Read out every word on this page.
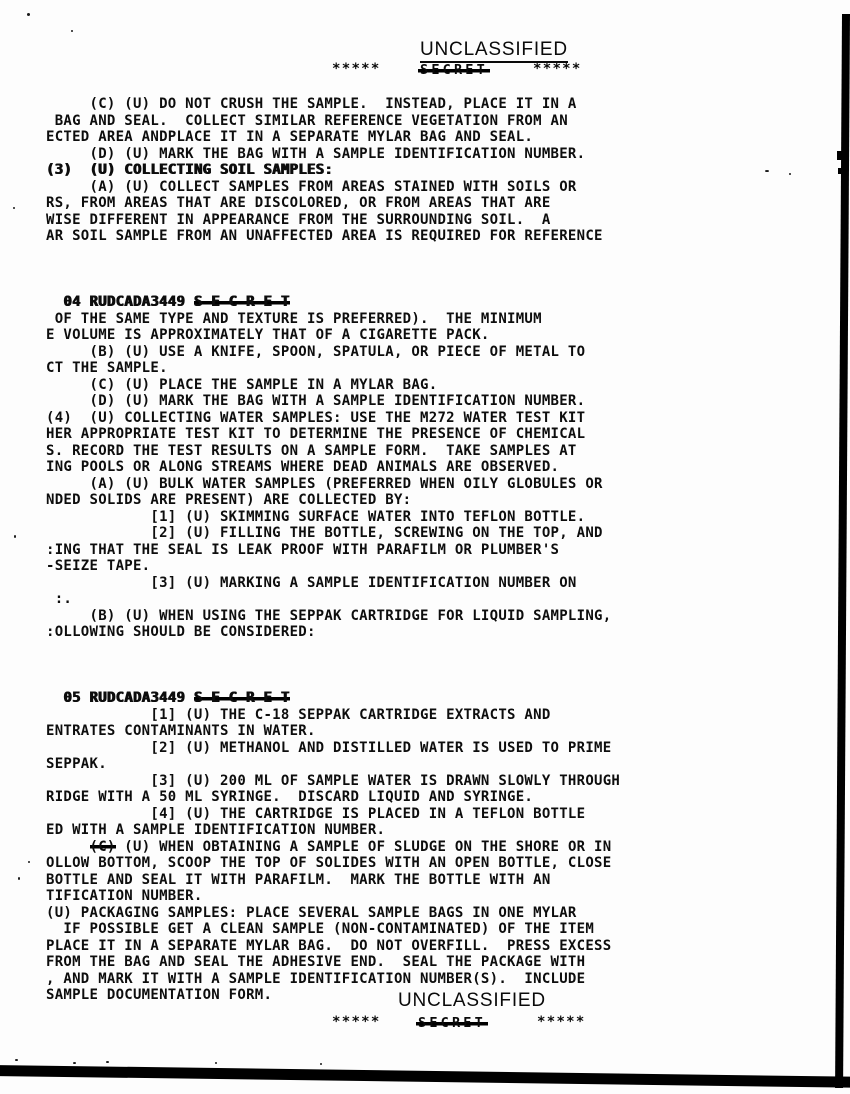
UNCLASSIFIED
*****	SECRET	*****
(C) (U) DO NOT CRUSH THE SAMPLE.  INSTEAD, PLACE IT IN A
BAG AND SEAL.  COLLECT SIMILAR REFERENCE VEGETATION FROM AN
ECTED AREA ANDPLACE IT IN A SEPARATE MYLAR BAG AND SEAL.
(D) (U) MARK THE BAG WITH A SAMPLE IDENTIFICATION NUMBER.
(3)  (U) COLLECTING SOIL SAMPLES:
(A) (U) COLLECT SAMPLES FROM AREAS STAINED WITH SOILS OR
RS, FROM AREAS THAT ARE DISCOLORED, OR FROM AREAS THAT ARE
WISE DIFFERENT IN APPEARANCE FROM THE SURROUNDING SOIL.  A
AR SOIL SAMPLE FROM AN UNAFFECTED AREA IS REQUIRED FOR REFERENCE

04 RUDCADA3449 S E C R E T
OF THE SAME TYPE AND TEXTURE IS PREFERRED).  THE MINIMUM
E VOLUME IS APPROXIMATELY THAT OF A CIGARETTE PACK.
(B) (U) USE A KNIFE, SPOON, SPATULA, OR PIECE OF METAL TO
CT THE SAMPLE.
(C) (U) PLACE THE SAMPLE IN A MYLAR BAG.
(D) (U) MARK THE BAG WITH A SAMPLE IDENTIFICATION NUMBER.
(4)  (U) COLLECTING WATER SAMPLES: USE THE M272 WATER TEST KIT
HER APPROPRIATE TEST KIT TO DETERMINE THE PRESENCE OF CHEMICAL
S. RECORD THE TEST RESULTS ON A SAMPLE FORM.  TAKE SAMPLES AT
ING POOLS OR ALONG STREAMS WHERE DEAD ANIMALS ARE OBSERVED.
(A) (U) BULK WATER SAMPLES (PREFERRED WHEN OILY GLOBULES OR
NDED SOLIDS ARE PRESENT) ARE COLLECTED BY:
[1] (U) SKIMMING SURFACE WATER INTO TEFLON BOTTLE.
[2] (U) FILLING THE BOTTLE, SCREWING ON THE TOP, AND
:ING THAT THE SEAL IS LEAK PROOF WITH PARAFILM OR PLUMBER'S
-SEIZE TAPE.
[3] (U) MARKING A SAMPLE IDENTIFICATION NUMBER ON
:.
(B) (U) WHEN USING THE SEPPAK CARTRIDGE FOR LIQUID SAMPLING,
:OLLOWING SHOULD BE CONSIDERED:

05 RUDCADA3449 S E C R E T
[1] (U) THE C-18 SEPPAK CARTRIDGE EXTRACTS AND
ENTRATES CONTAMINANTS IN WATER.
[2] (U) METHANOL AND DISTILLED WATER IS USED TO PRIME
SEPPAK.
[3] (U) 200 ML OF SAMPLE WATER IS DRAWN SLOWLY THROUGH
RIDGE WITH A 50 ML SYRINGE.  DISCARD LIQUID AND SYRINGE.
[4] (U) THE CARTRIDGE IS PLACED IN A TEFLON BOTTLE
ED WITH A SAMPLE IDENTIFICATION NUMBER.
(C) (U) WHEN OBTAINING A SAMPLE OF SLUDGE ON THE SHORE OR IN
OLLOW BOTTOM, SCOOP THE TOP OF SOLIDES WITH AN OPEN BOTTLE, CLOSE
BOTTLE AND SEAL IT WITH PARAFILM.  MARK THE BOTTLE WITH AN
TIFICATION NUMBER.
(U) PACKAGING SAMPLES: PLACE SEVERAL SAMPLE BAGS IN ONE MYLAR
IF POSSIBLE GET A CLEAN SAMPLE (NON-CONTAMINATED) OF THE ITEM
PLACE IT IN A SEPARATE MYLAR BAG.  DO NOT OVERFILL.  PRESS EXCESS
FROM THE BAG AND SEAL THE ADHESIVE END.  SEAL THE PACKAGE WITH
, AND MARK IT WITH A SAMPLE IDENTIFICATION NUMBER(S).  INCLUDE
SAMPLE DOCUMENTATION FORM.	UNCLASSIFIED
*****	SECRET	*****
